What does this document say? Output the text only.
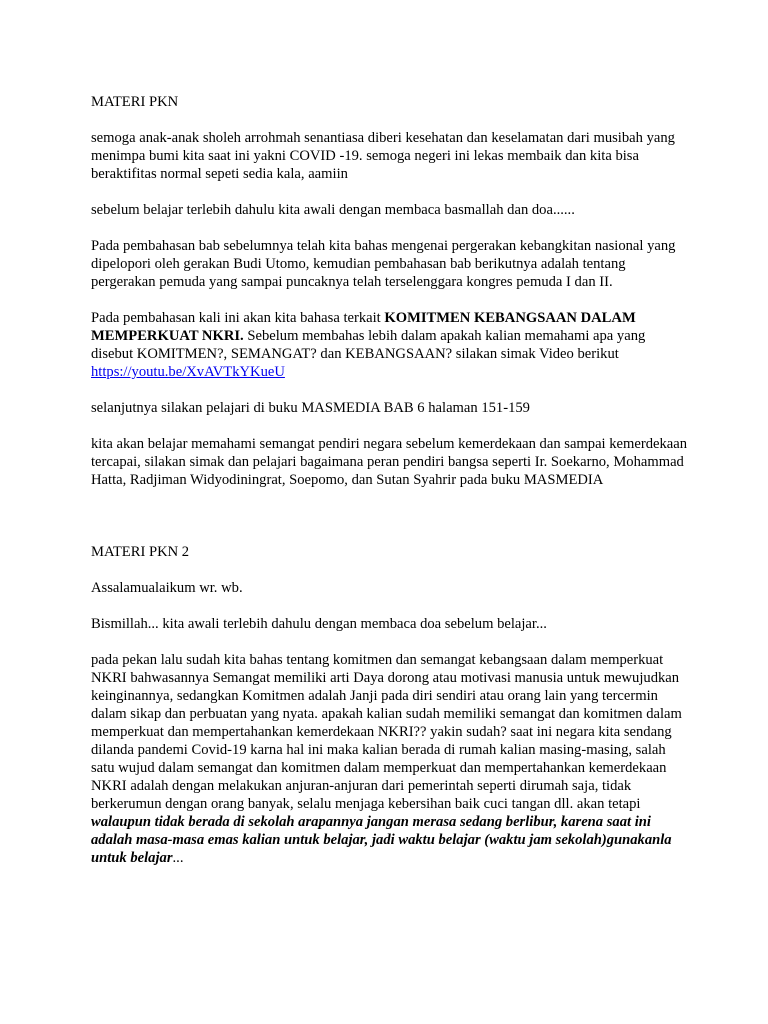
MATERI PKN

semoga anak-anak sholeh arrohmah senantiasa diberi kesehatan dan keselamatan dari musibah yang menimpa bumi kita saat ini yakni COVID -19. semoga negeri ini lekas membaik dan kita bisa beraktifitas normal sepeti sedia kala, aamiin

sebelum belajar terlebih dahulu kita awali dengan membaca basmallah dan doa......

Pada pembahasan bab sebelumnya telah kita bahas mengenai pergerakan kebangkitan nasional yang dipelopori oleh gerakan Budi Utomo, kemudian pembahasan bab berikutnya adalah tentang pergerakan pemuda yang sampai puncaknya telah terselenggara kongres pemuda I dan II.

Pada pembahasan kali ini akan kita bahasa terkait KOMITMEN KEBANGSAAN DALAM MEMPERKUAT NKRI. Sebelum membahas lebih dalam apakah kalian memahami apa yang disebut KOMITMEN?, SEMANGAT? dan KEBANGSAAN? silakan simak Video berikut https://youtu.be/XvAVTkYKueU

selanjutnya silakan pelajari di buku MASMEDIA BAB 6 halaman 151-159

kita akan belajar memahami semangat pendiri negara sebelum kemerdekaan dan sampai kemerdekaan tercapai, silakan simak dan pelajari bagaimana peran pendiri bangsa seperti Ir. Soekarno, Mohammad Hatta, Radjiman Widyodiningrat, Soepomo, dan Sutan Syahrir pada buku MASMEDIA

MATERI PKN 2

Assalamualaikum wr. wb.

Bismillah... kita awali terlebih dahulu dengan membaca doa sebelum belajar...

pada pekan lalu sudah kita bahas tentang komitmen dan semangat kebangsaan dalam memperkuat NKRI bahwasannya Semangat memiliki arti Daya dorong atau motivasi manusia untuk mewujudkan keinginannya, sedangkan Komitmen adalah Janji pada diri sendiri atau orang lain yang tercermin dalam sikap dan perbuatan yang nyata. apakah kalian sudah memiliki semangat dan komitmen dalam memperkuat dan mempertahankan kemerdekaan NKRI?? yakin sudah? saat ini negara kita sendang dilanda pandemi Covid-19 karna hal ini maka kalian berada di rumah kalian masing-masing, salah satu wujud dalam semangat dan komitmen dalam memperkuat dan mempertahankan kemerdekaan NKRI adalah dengan melakukan anjuran-anjuran dari pemerintah seperti dirumah saja, tidak berkerumun dengan orang banyak, selalu menjaga kebersihan baik cuci tangan dll. akan tetapi walaupun tidak berada di sekolah arapannya jangan merasa sedang berlibur, karena saat ini adalah masa-masa emas kalian untuk belajar, jadi waktu belajar (waktu jam sekolah)gunakanla untuk belajar...
